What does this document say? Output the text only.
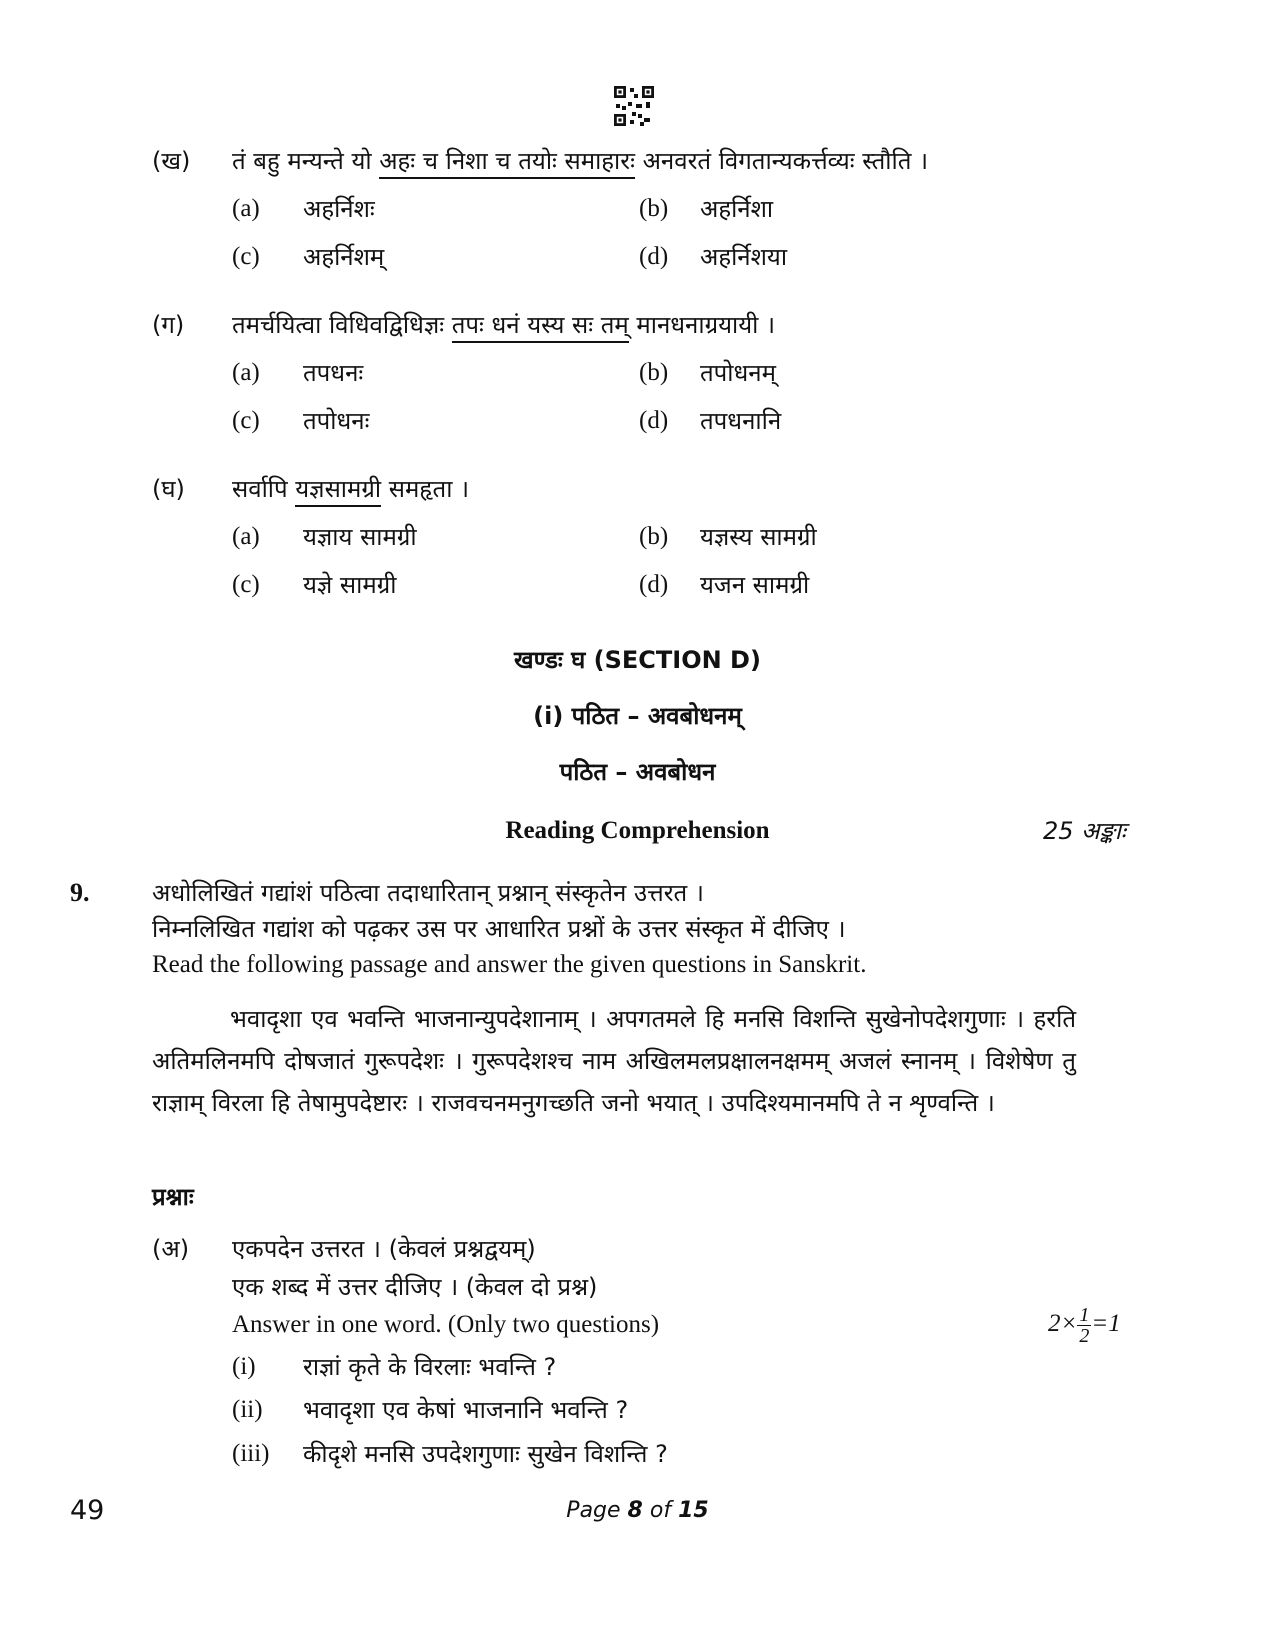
(ख) तं बहु मन्यन्ते यो अहः च निशा च तयोः समाहारः अनवरतं विगतान्यकर्त्तव्यः स्तौति ।
(a) अहर्निशः	(b) अहर्निशा
(c) अहर्निशम्	(d) अहर्निशया
(ग) तमर्चयित्वा विधिवद्विधिज्ञः तपः धनं यस्य सः तम् मानधनाग्रयायी ।
(a) तपधनः	(b) तपोधनम्
(c) तपोधनः	(d) तपधनानि
(घ) सर्वापि यज्ञसामग्री समहृता ।
(a) यज्ञाय सामग्री	(b) यज्ञस्य सामग्री
(c) यज्ञे सामग्री	(d) यजन सामग्री
खण्डः घ (SECTION D)
(i) पठित – अवबोधनम्
पठित – अवबोधन
Reading Comprehension	25 अङ्काः
9.	अधोलिखितं गद्यांशं पठित्वा तदाधारितान् प्रश्नान् संस्कृतेन उत्तरत ।
निम्नलिखित गद्यांश को पढ़कर उस पर आधारित प्रश्नों के उत्तर संस्कृत में दीजिए ।
Read the following passage and answer the given questions in Sanskrit.
भवादृशा एव भवन्ति भाजनान्युपदेशानाम् । अपगतमले हि मनसि विशन्ति सुखेनोपदेशगुणाः । हरति अतिमलिनमपि दोषजातं गुरूपदेशः । गुरूपदेशश्च नाम अखिलमलप्रक्षालनक्षमम् अजलं स्नानम् । विशेषेण तु राज्ञाम् विरला हि तेषामुपदेष्टारः । राजवचनमनुगच्छति जनो भयात् । उपदिश्यमानमपि ते न शृण्वन्ति ।
प्रश्नाः
(अ) एकपदेन उत्तरत । (केवलं प्रश्नद्वयम्)
एक शब्द में उत्तर दीजिए । (केवल दो प्रश्न)
Answer in one word. (Only two questions)	$2\times \frac{1}{2} =1$
(i) राज्ञां कृते के विरलाः भवन्ति ?
(ii) भवादृशा एव केषां भाजनानि भवन्ति ?
(iii) कीदृशे मनसि उपदेशगुणाः सुखेन विशन्ति ?
49	Page 8 of 15
